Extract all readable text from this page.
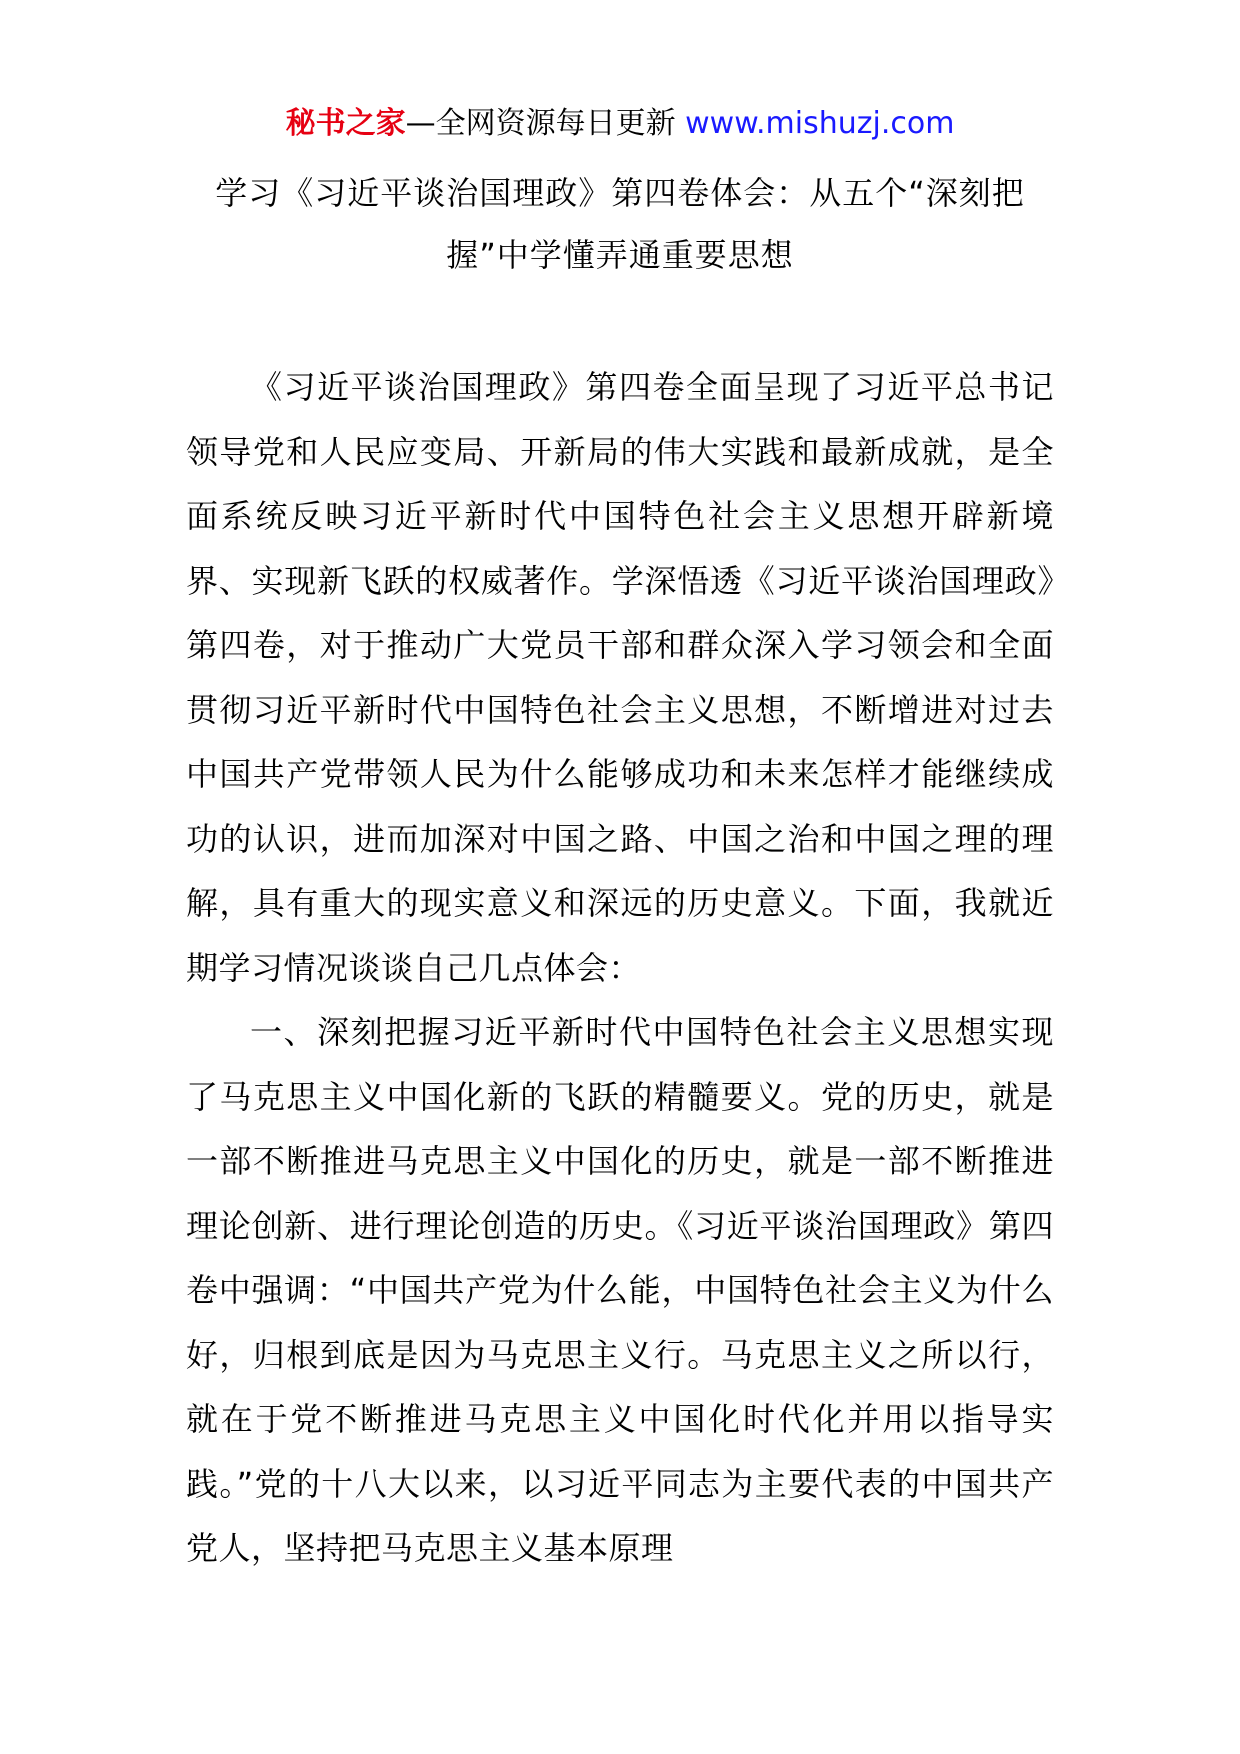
秘书之家—全网资源每日更新 www.mishuzj.com
学习《习近平谈治国理政》第四卷体会：从五个“深刻把握”中学懂弄通重要思想

《习近平谈治国理政》第四卷全面呈现了习近平总书记领导党和人民应变局、开新局的伟大实践和最新成就，是全面系统反映习近平新时代中国特色社会主义思想开辟新境界、实现新飞跃的权威著作。学深悟透《习近平谈治国理政》第四卷，对于推动广大党员干部和群众深入学习领会和全面贯彻习近平新时代中国特色社会主义思想，不断增进对过去中国共产党带领人民为什么能够成功和未来怎样才能继续成功的认识，进而加深对中国之路、中国之治和中国之理的理解，具有重大的现实意义和深远的历史意义。下面，我就近期学习情况谈谈自己几点体会：

一、深刻把握习近平新时代中国特色社会主义思想实现了马克思主义中国化新的飞跃的精髓要义。党的历史，就是一部不断推进马克思主义中国化的历史，就是一部不断推进理论创新、进行理论创造的历史。《习近平谈治国理政》第四卷中强调：“中国共产党为什么能，中国特色社会主义为什么好，归根到底是因为马克思主义行。马克思主义之所以行，就在于党不断推进马克思主义中国化时代化并用以指导实践。”党的十八大以来，以习近平同志为主要代表的中国共产党人，坚持把马克思主义基本原理
